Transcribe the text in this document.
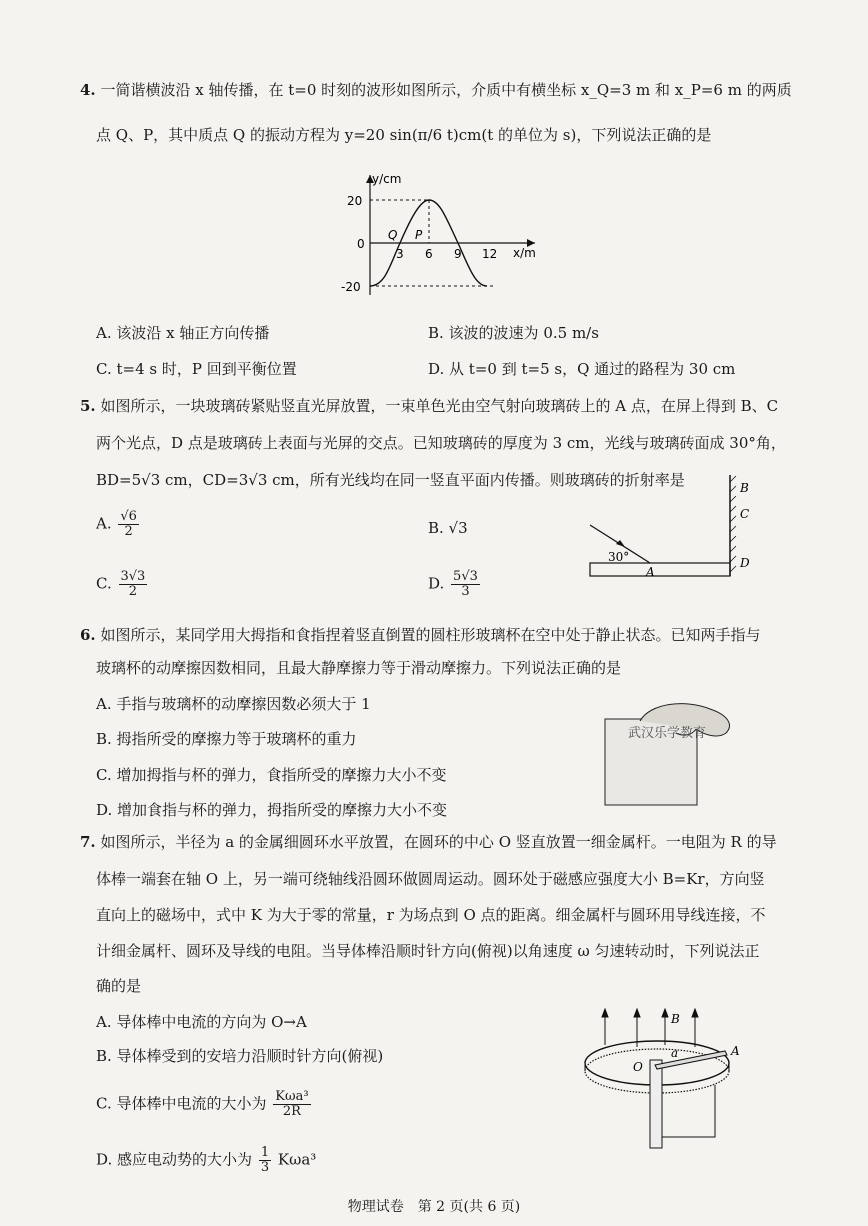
4. 一简谐横波沿 x 轴传播，在 t=0 时刻的波形如图所示，介质中有横坐标 x_Q=3 m 和 x_P=6 m 的两质
点 Q、P，其中质点 Q 的振动方程为 y=20 sin(π/6 t)cm(t 的单位为 s)，下列说法正确的是
y/cm
x/m
20
0
-20
3 6 9 12
Q P
A. 该波沿 x 轴正方向传播	B. 该波的波速为 0.5 m/s
C. t=4 s 时，P 回到平衡位置	D. 从 t=0 到 t=5 s，Q 通过的路程为 30 cm
5. 如图所示，一块玻璃砖紧贴竖直光屏放置，一束单色光由空气射向玻璃砖上的 A 点，在屏上得到 B、C
两个光点，D 点是玻璃砖上表面与光屏的交点。已知玻璃砖的厚度为 3 cm，光线与玻璃砖面成 30°角，
BD=5√3 cm，CD=3√3 cm，所有光线均在同一竖直平面内传播。则玻璃砖的折射率是
A. $\frac{√6}{2}$	B. √3
C. $\frac{3√3}{2}$	D. $\frac{5√3}{3}$
30°
A
B
C
D
6. 如图所示，某同学用大拇指和食指捏着竖直倒置的圆柱形玻璃杯在空中处于静止状态。已知两手指与
玻璃杯的动摩擦因数相同，且最大静摩擦力等于滑动摩擦力。下列说法正确的是
A. 手指与玻璃杯的动摩擦因数必须大于 1
B. 拇指所受的摩擦力等于玻璃杯的重力
C. 增加拇指与杯的弹力，食指所受的摩擦力大小不变
D. 增加食指与杯的弹力，拇指所受的摩擦力大小不变
武汉乐学教育
7. 如图所示，半径为 a 的金属细圆环水平放置，在圆环的中心 O 竖直放置一细金属杆。一电阻为 R 的导
体棒一端套在轴 O 上，另一端可绕轴线沿圆环做圆周运动。圆环处于磁感应强度大小 B=Kr，方向竖
直向上的磁场中，式中 K 为大于零的常量，r 为场点到 O 点的距离。细金属杆与圆环用导线连接，不
计细金属杆、圆环及导线的电阻。当导体棒沿顺时针方向(俯视)以角速度 ω 匀速转动时，下列说法正
确的是
A. 导体棒中电流的方向为 O→A
B. 导体棒受到的安培力沿顺时针方向(俯视)
C. 导体棒中电流的大小为 $\frac{\text{Kωa³}}{2R}$
D. 感应电动势的大小为 $\frac{1}{3} K\omega a^3$
B
A
O
a
物理试卷　第 2 页(共 6 页)
